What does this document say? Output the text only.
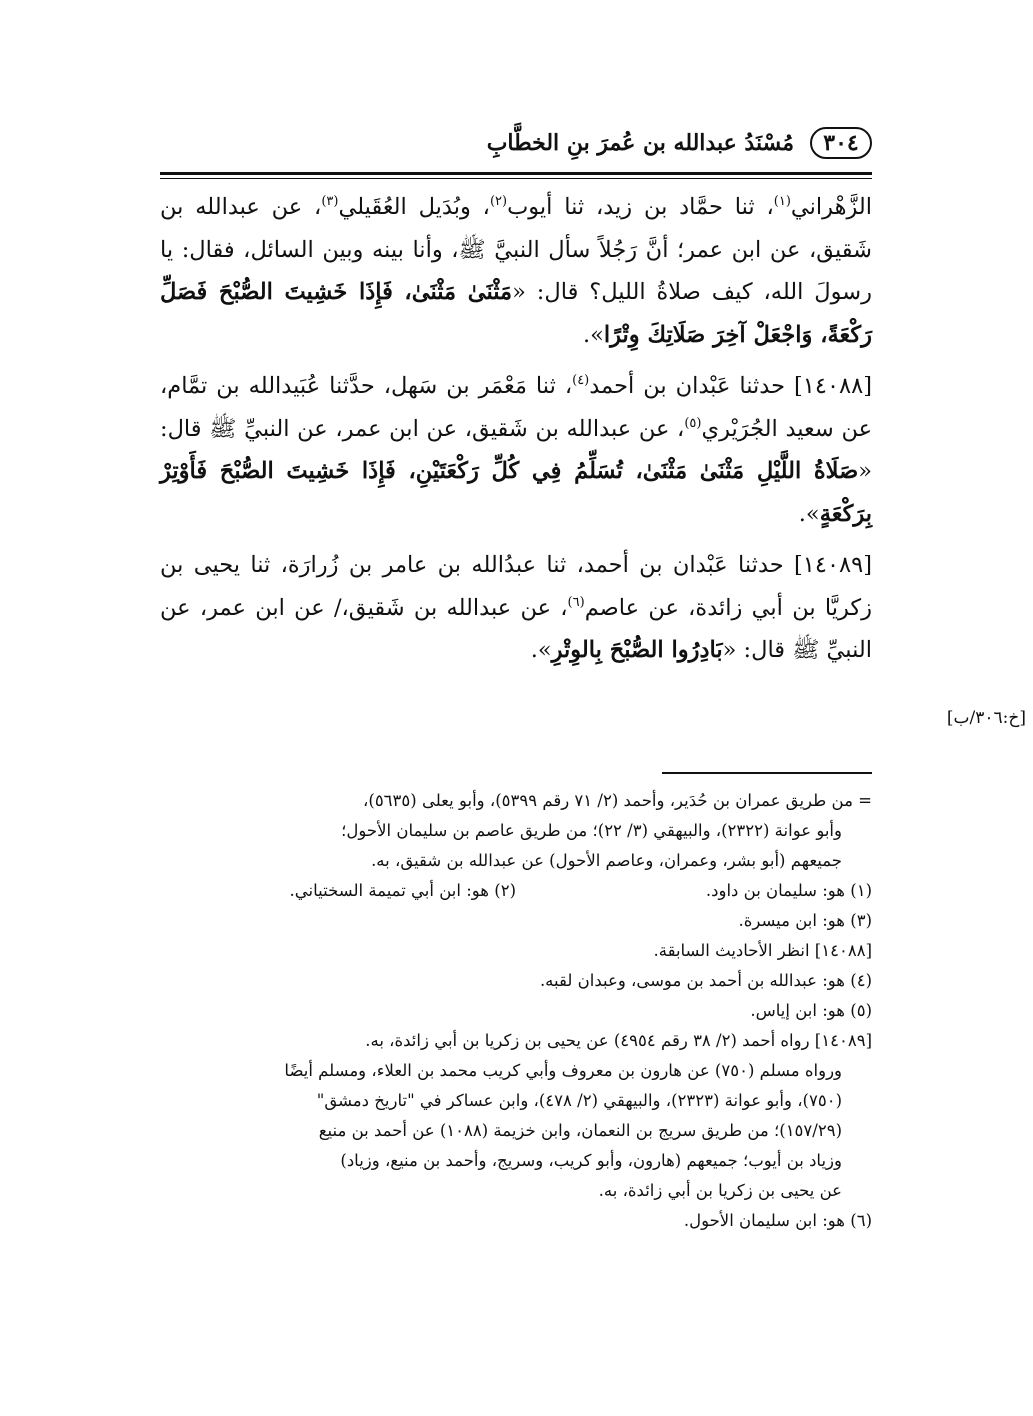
٣٠٤
مُسْنَدُ عبدالله بن عُمرَ بنِ الخطَّابِ

الزَّهْراني$^{(١)}$، ثنا حمَّاد بن زيد، ثنا أيوب$^{(٢)}$، وبُدَيل العُقَيلي$^{(٣)}$، عن عبدالله بن شَقيق، عن ابن عمر؛ أنَّ رَجُلاً سأل النبيَّ ﷺ، وأنا بينه وبين السائل، فقال: يا رسولَ الله، كيف صلاةُ الليل؟ قال: «مَثْنَىٰ مَثْنَىٰ، فَإِذَا خَشِيتَ الصُّبْحَ فَصَلِّ رَكْعَةً، وَاجْعَلْ آخِرَ صَلَاتِكَ وِتْرًا».

[١٤٠٨٨] حدثنا عَبْدان بن أحمد$^{(٤)}$، ثنا مَعْمَر بن سَهل، حدَّثنا عُبَيدالله بن تمَّام، عن سعيد الجُرَيْري$^{(٥)}$، عن عبدالله بن شَقيق، عن ابن عمر، عن النبيِّ ﷺ قال: «صَلَاةُ اللَّيْلِ مَثْنَىٰ مَثْنَىٰ، تُسَلِّمُ فِي كُلِّ رَكْعَتَيْنِ، فَإِذَا خَشِيتَ الصُّبْحَ فَأَوْتِرْ بِرَكْعَةٍ».

[١٤٠٨٩] حدثنا عَبْدان بن أحمد، ثنا عبدُالله بن عامر بن زُرارَة، ثنا يحيى بن زكريَّا بن أبي زائدة، عن عاصم$^{(٦)}$، عن عبدالله بن شَقيق،/ عن ابن عمر، عن النبيِّ ﷺ قال: «بَادِرُوا الصُّبْحَ بِالوِتْرِ».

[خ:٣٠٦/ب]

= من طريق عمران بن حُدَير، وأحمد (٢/ ٧١ رقم ٥٣٩٩)، وأبو يعلى (٥٦٣٥)،

وأبو عوانة (٢٣٢٢)، والبيهقي (٣/ ٢٢)؛ من طريق عاصم بن سليمان الأحول؛

جميعهم (أبو بشر، وعمران، وعاصم الأحول) عن عبدالله بن شقيق، به.

(١) هو: سليمان بن داود.

(٢) هو: ابن أبي تميمة السختياني.

(٣) هو: ابن ميسرة.

[١٤٠٨٨] انظر الأحاديث السابقة.

(٤) هو: عبدالله بن أحمد بن موسى، وعبدان لقبه.

(٥) هو: ابن إياس.

[١٤٠٨٩] رواه أحمد (٢/ ٣٨ رقم ٤٩٥٤) عن يحيى بن زكريا بن أبي زائدة، به.

ورواه مسلم (٧٥٠) عن هارون بن معروف وأبي كريب محمد بن العلاء، ومسلم أيضًا

(٧٥٠)، وأبو عوانة (٢٣٢٣)، والبيهقي (٢/ ٤٧٨)، وابن عساكر في "تاريخ دمشق"

(١٥٧/٢٩)؛ من طريق سريج بن النعمان، وابن خزيمة (١٠٨٨) عن أحمد بن منيع

وزياد بن أيوب؛ جميعهم (هارون، وأبو كريب، وسريج، وأحمد بن منيع، وزياد)

عن يحيى بن زكريا بن أبي زائدة، به.

(٦) هو: ابن سليمان الأحول.
